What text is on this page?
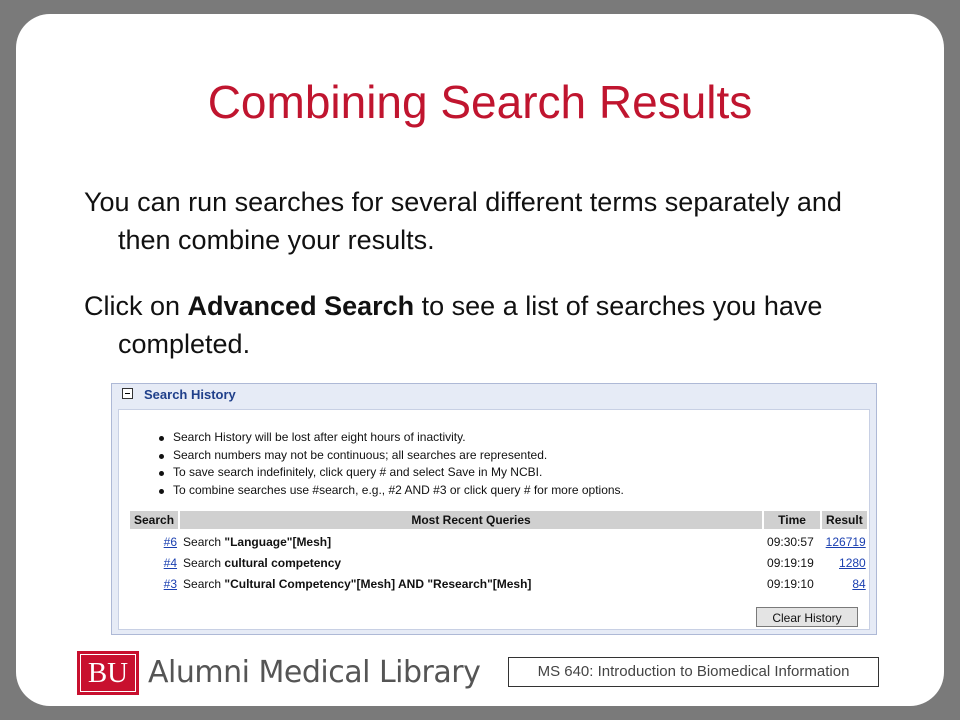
Combining Search Results
You can run searches for several different terms separately and then combine your results.
Click on Advanced Search to see a list of searches you have completed.
Search History
Search History will be lost after eight hours of inactivity.
Search numbers may not be continuous; all searches are represented.
To save search indefinitely, click query # and select Save in My NCBI.
To combine searches use #search, e.g., #2 AND #3 or click query # for more options.
Search	Most Recent Queries	Time	Result
#6	Search "Language"[Mesh]	09:30:57	126719
#4	Search cultural competency	09:19:19	1280
#3	Search "Cultural Competency"[Mesh] AND "Research"[Mesh]	09:19:10	84
Clear History
BU Alumni Medical Library	MS 640: Introduction to Biomedical Information
